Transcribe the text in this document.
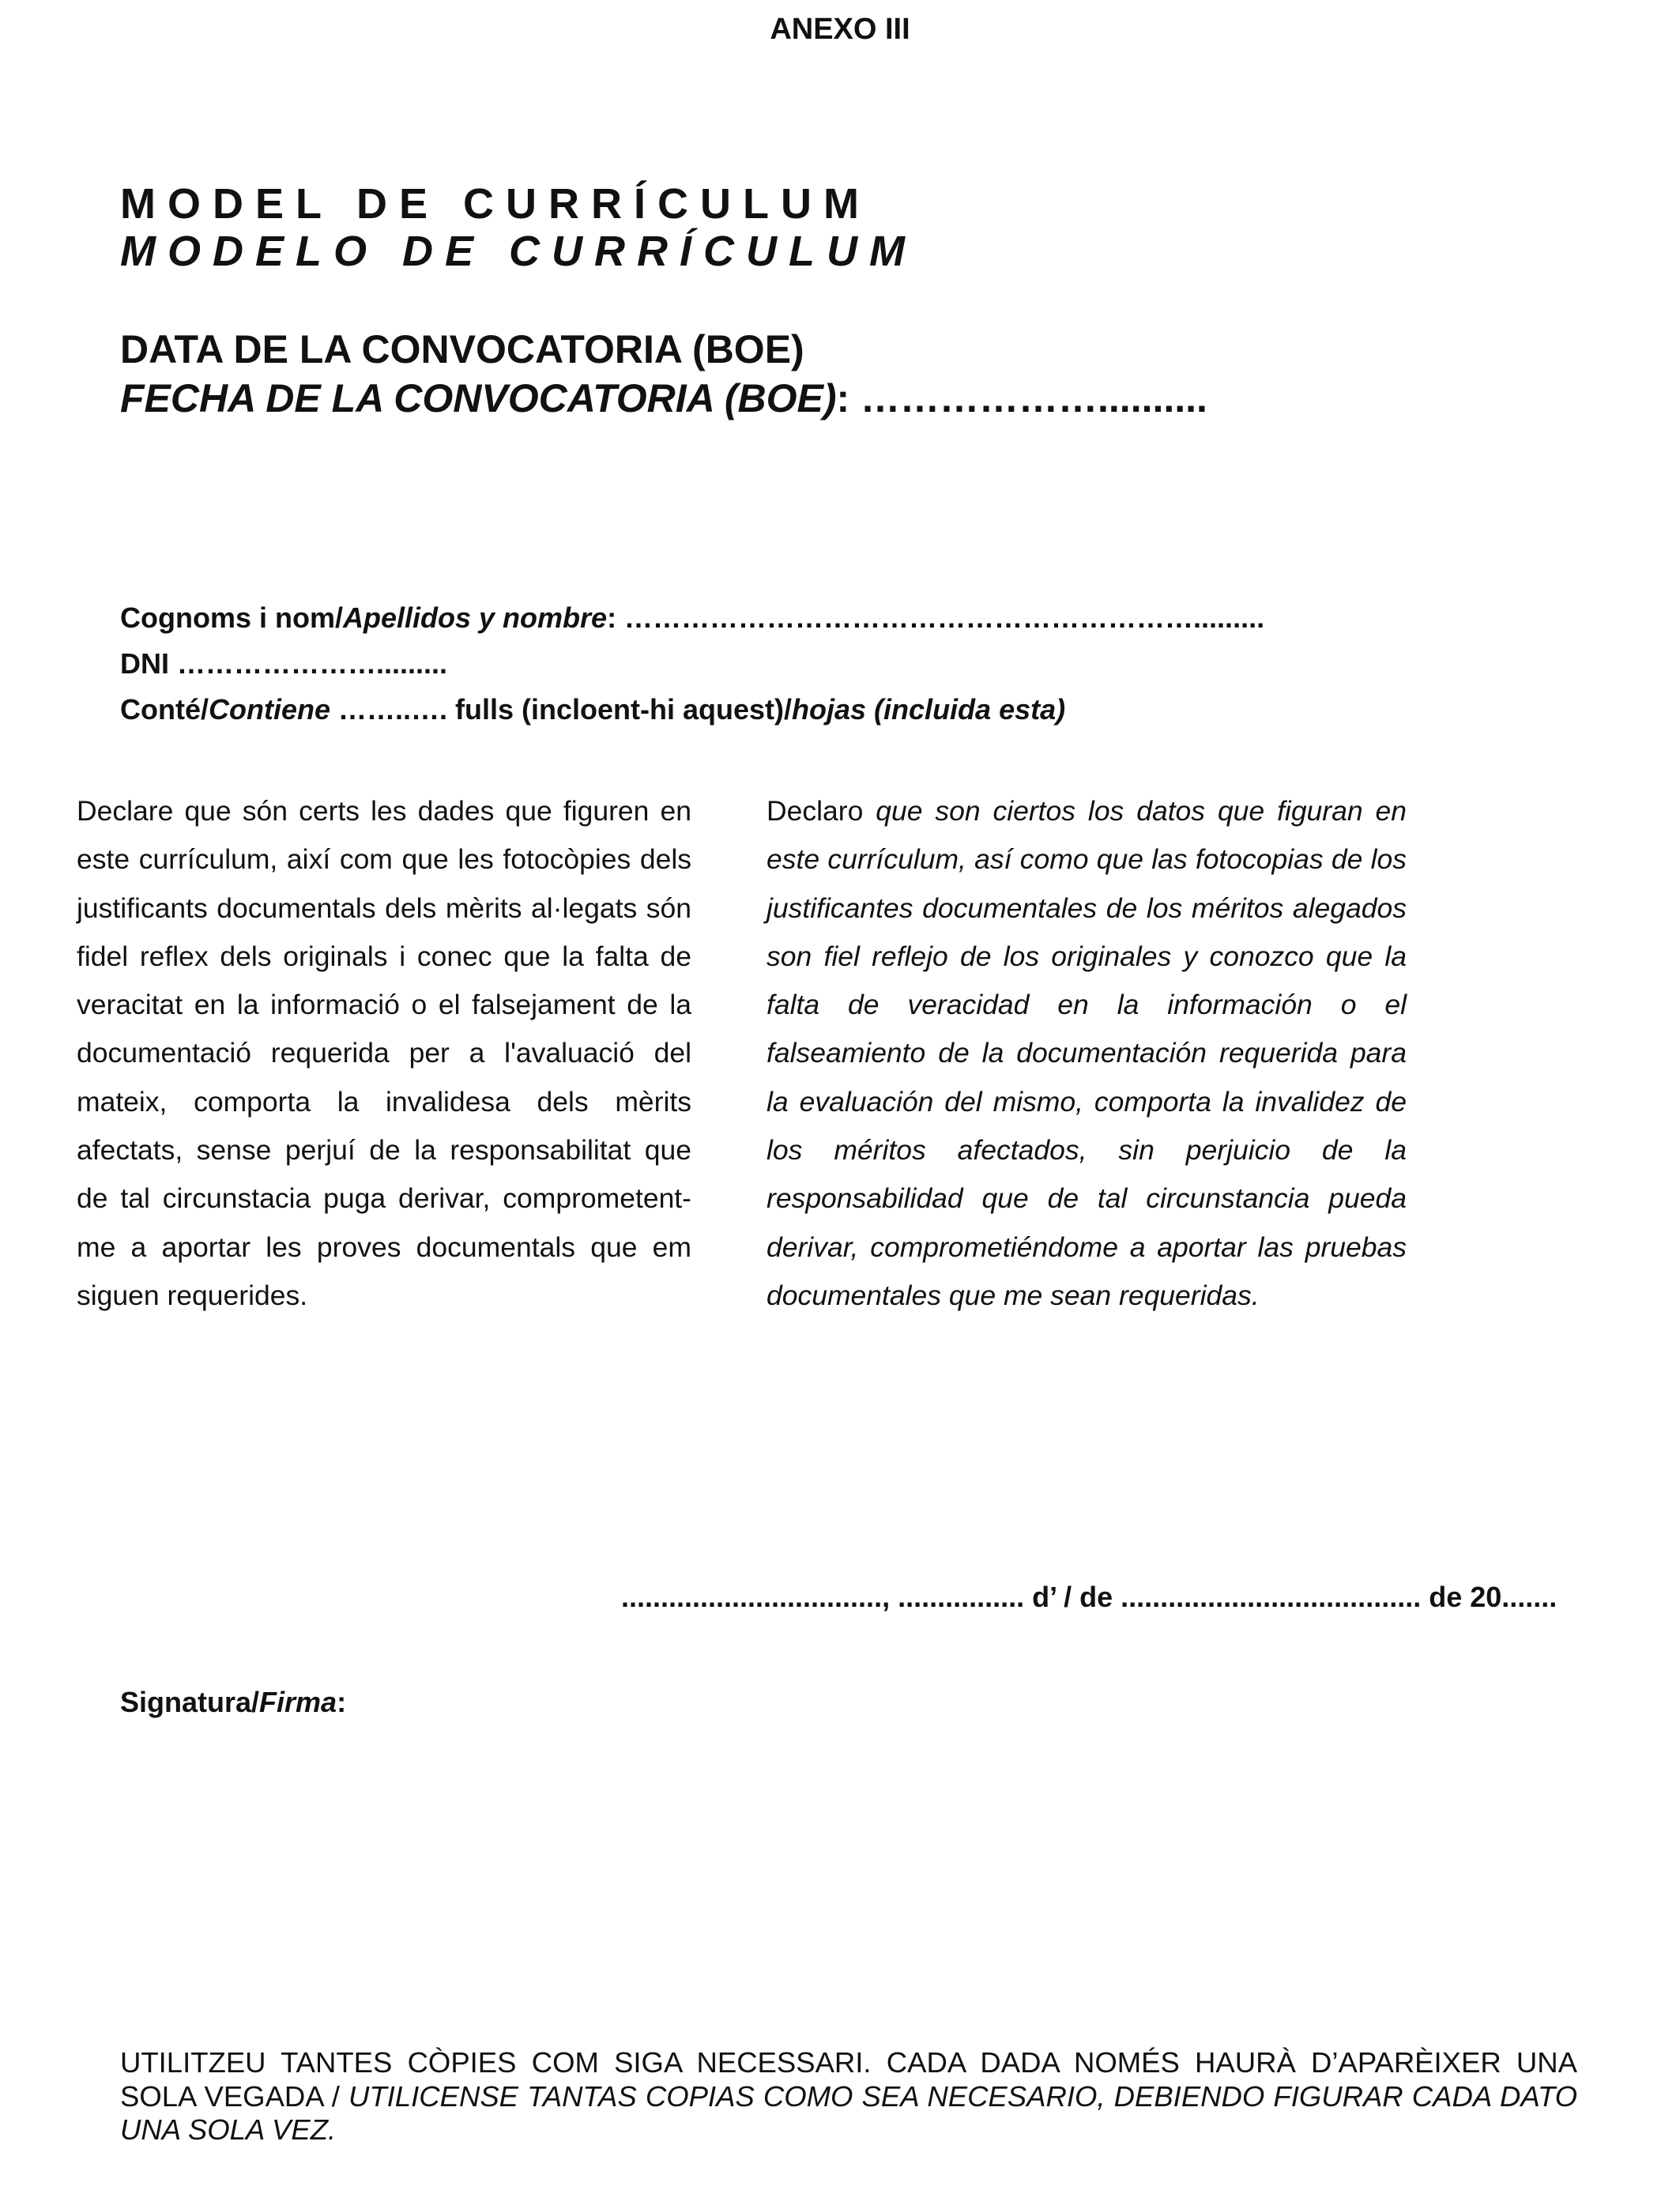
ANEXO III
MODEL DE CURRÍCULUM
MODELO DE CURRÍCULUM
DATA DE LA CONVOCATORIA (BOE)
FECHA DE LA CONVOCATORIA (BOE): ………………..........
Cognoms i nom/Apellidos y nombre: …………………………………………………….........
DNI ………………….........
Conté/Contiene ……..…. fulls (incloent-hi aquest)/hojas (incluida esta)
Declare que són certs les dades que figuren en este currículum, així com que les fotocòpies dels justificants documentals dels mèrits al·legats són fidel reflex dels originals i conec que la falta de veracitat en la informació o el falsejament de la documentació requerida per a l'avaluació del mateix, comporta la invalidesa dels mèrits afectats, sense perjuí de la responsabilitat que de tal circunstacia puga derivar, comprometent-me a aportar les proves documentals que em siguen requerides.
Declaro que son ciertos los datos que figuran en este currículum, así como que las fotocopias de los justificantes documentales de los méritos alegados son fiel reflejo de los originales y conozco que la falta de veracidad en la información o el falseamiento de la documentación requerida para la evaluación del mismo, comporta la invalidez de los méritos afectados, sin perjuicio de la responsabilidad que de tal circunstancia pueda derivar, comprometiéndome a aportar las pruebas documentales que me sean requeridas.
................................., ................ d’ / de ...................................... de 20.......
Signatura/Firma:
UTILITZEU TANTES CÒPIES COM SIGA NECESSARI. CADA DADA NOMÉS HAURÀ D’APARÈIXER UNA SOLA VEGADA / UTILICENSE TANTAS COPIAS COMO SEA NECESARIO, DEBIENDO FIGURAR CADA DATO UNA SOLA VEZ.
